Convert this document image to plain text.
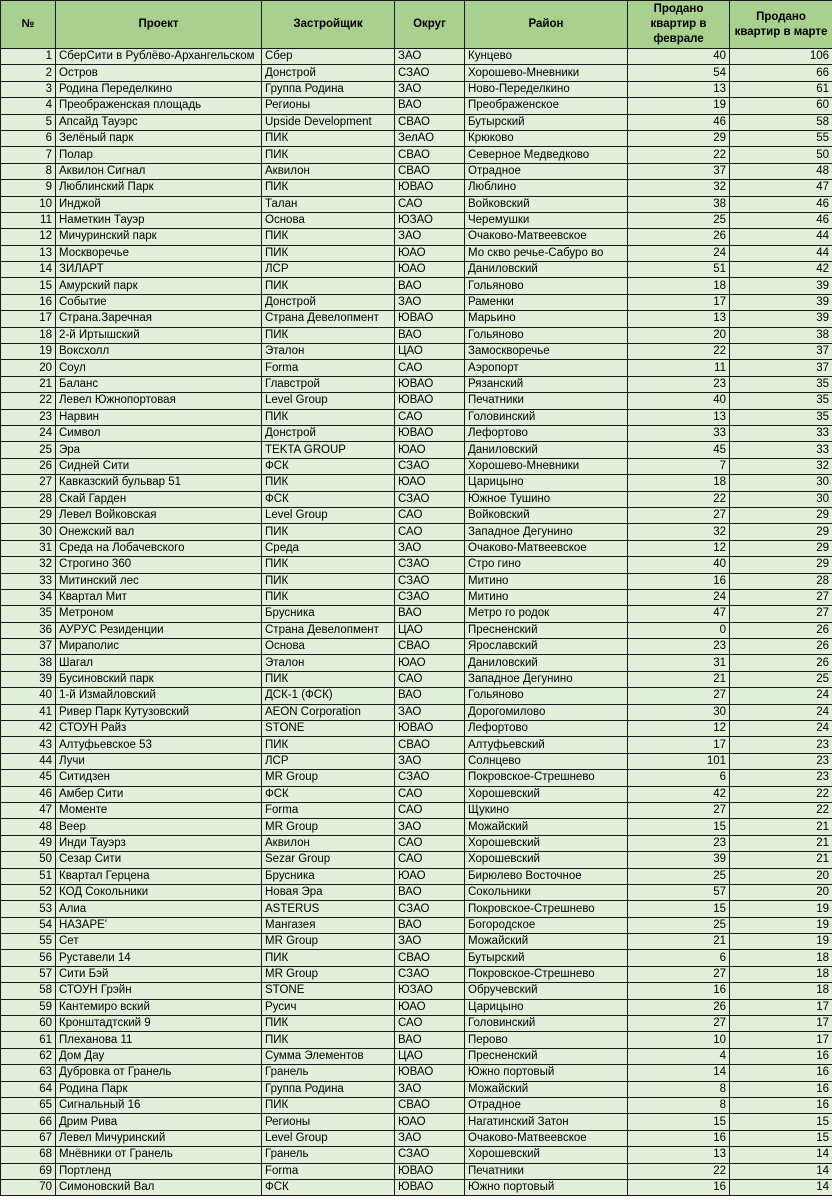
№	Проект	Застройщик	Округ	Район	Продано квартир в феврале	Продано квартир в марте
1	СберСити в Рублёво-Архангельском	Сбер	ЗАО	Кунцево	40	106
2	Остров	Донстрой	СЗАО	Хорошево-Мневники	54	66
3	Родина Переделкино	Группа Родина	ЗАО	Ново-Переделкино	13	61
4	Преображенская площадь	Регионы	ВАО	Преображенское	19	60
5	Апсайд Тауэрс	Upside Development	СВАО	Бутырский	46	58
6	Зелёный парк	ПИК	ЗелАО	Крюково	29	55
7	Полар	ПИК	СВАО	Северное Медведково	22	50
8	Аквилон Сигнал	Аквилон	СВАО	Отрадное	37	48
9	Люблинский Парк	ПИК	ЮВАО	Люблино	32	47
10	Инджой	Талан	САО	Войковский	38	46
11	Наметкин Тауэр	Основа	ЮЗАО	Черемушки	25	46
12	Мичуринский парк	ПИК	ЗАО	Очаково-Матвеевское	26	44
13	Москворечье	ПИК	ЮАО	Мо скво речье-Сабуро во	24	44
14	ЗИЛАРТ	ЛСР	ЮАО	Даниловский	51	42
15	Амурский парк	ПИК	ВАО	Гольяново	18	39
16	Событие	Донстрой	ЗАО	Раменки	17	39
17	Страна.Заречная	Страна Девелопмент	ЮВАО	Марьино	13	39
18	2-й Иртышский	ПИК	ВАО	Гольяново	20	38
19	Воксхолл	Эталон	ЦАО	Замоскворечье	22	37
20	Соул	Forma	САО	Аэропорт	11	37
21	Баланс	Главстрой	ЮВАО	Рязанский	23	35
22	Левел Южнопортовая	Level Group	ЮВАО	Печатники	40	35
23	Нарвин	ПИК	САО	Головинский	13	35
24	Символ	Донстрой	ЮВАО	Лефортово	33	33
25	Эра	TEKTA GROUP	ЮАО	Даниловский	45	33
26	Сидней Сити	ФСК	СЗАО	Хорошево-Мневники	7	32
27	Кавказский бульвар 51	ПИК	ЮАО	Царицыно	18	30
28	Скай Гарден	ФСК	СЗАО	Южное Тушино	22	30
29	Левел Войковская	Level Group	САО	Войковский	27	29
30	Онежский вал	ПИК	САО	Западное Дегунино	32	29
31	Среда на Лобачевского	Среда	ЗАО	Очаково-Матвеевское	12	29
32	Строгино 360	ПИК	СЗАО	Стро гино	40	29
33	Митинский лес	ПИК	СЗАО	Митино	16	28
34	Квартал Мит	ПИК	СЗАО	Митино	24	27
35	Метроном	Брусника	ВАО	Метро го родок	47	27
36	АУРУС Резиденции	Страна Девелопмент	ЦАО	Пресненский	0	26
37	Мираполис	Основа	СВАО	Ярославский	23	26
38	Шагал	Эталон	ЮАО	Даниловский	31	26
39	Бусиновский парк	ПИК	САО	Западное Дегунино	21	25
40	1-й Измайловский	ДСК-1 (ФСК)	ВАО	Гольяново	27	24
41	Ривер Парк Кутузовский	AEON Corporation	ЗАО	Дорогомилово	30	24
42	СТОУН Райз	STONE	ЮВАО	Лефортово	12	24
43	Алтуфьевское 53	ПИК	СВАО	Алтуфьевский	17	23
44	Лучи	ЛСР	ЗАО	Солнцево	101	23
45	Ситидзен	MR Group	СЗАО	Покровское-Стрешнево	6	23
46	Амбер Сити	ФСК	САО	Хорошевский	42	22
47	Моменте	Forma	САО	Щукино	27	22
48	Веер	MR Group	ЗАО	Можайский	15	21
49	Инди Тауэрз	Аквилон	САО	Хорошевский	23	21
50	Сезар Сити	Sezar Group	САО	Хорошевский	39	21
51	Квартал Герцена	Брусника	ЮАО	Бирюлево Восточное	25	20
52	КОД Сокольники	Новая Эра	ВАО	Сокольники	57	20
53	Алиа	ASTERUS	СЗАО	Покровское-Стрешнево	15	19
54	НАЗАРЕ'	Мангазея	ВАО	Богородское	25	19
55	Сет	MR Group	ЗАО	Можайский	21	19
56	Руставели 14	ПИК	СВАО	Бутырский	6	18
57	Сити Бэй	MR Group	СЗАО	Покровское-Стрешнево	27	18
58	СТОУН Грэйн	STONE	ЮЗАО	Обручевский	16	18
59	Кантемиро вский	Русич	ЮАО	Царицыно	26	17
60	Кронштадтский 9	ПИК	САО	Головинский	27	17
61	Плеханова 11	ПИК	ВАО	Перово	10	17
62	Дом Дау	Сумма Элементов	ЦАО	Пресненский	4	16
63	Дубровка от Гранель	Гранель	ЮВАО	Южно портовый	14	16
64	Родина Парк	Группа Родина	ЗАО	Можайский	8	16
65	Сигнальный 16	ПИК	СВАО	Отрадное	8	16
66	Дрим Рива	Регионы	ЮАО	Нагатинский Затон	15	15
67	Левел Мичуринский	Level Group	ЗАО	Очаково-Матвеевское	16	15
68	Мнёвники от Гранель	Гранель	СЗАО	Хорошевский	13	14
69	Портленд	Forma	ЮВАО	Печатники	22	14
70	Симоновский Вал	ФСК	ЮВАО	Южно портовый	16	14
